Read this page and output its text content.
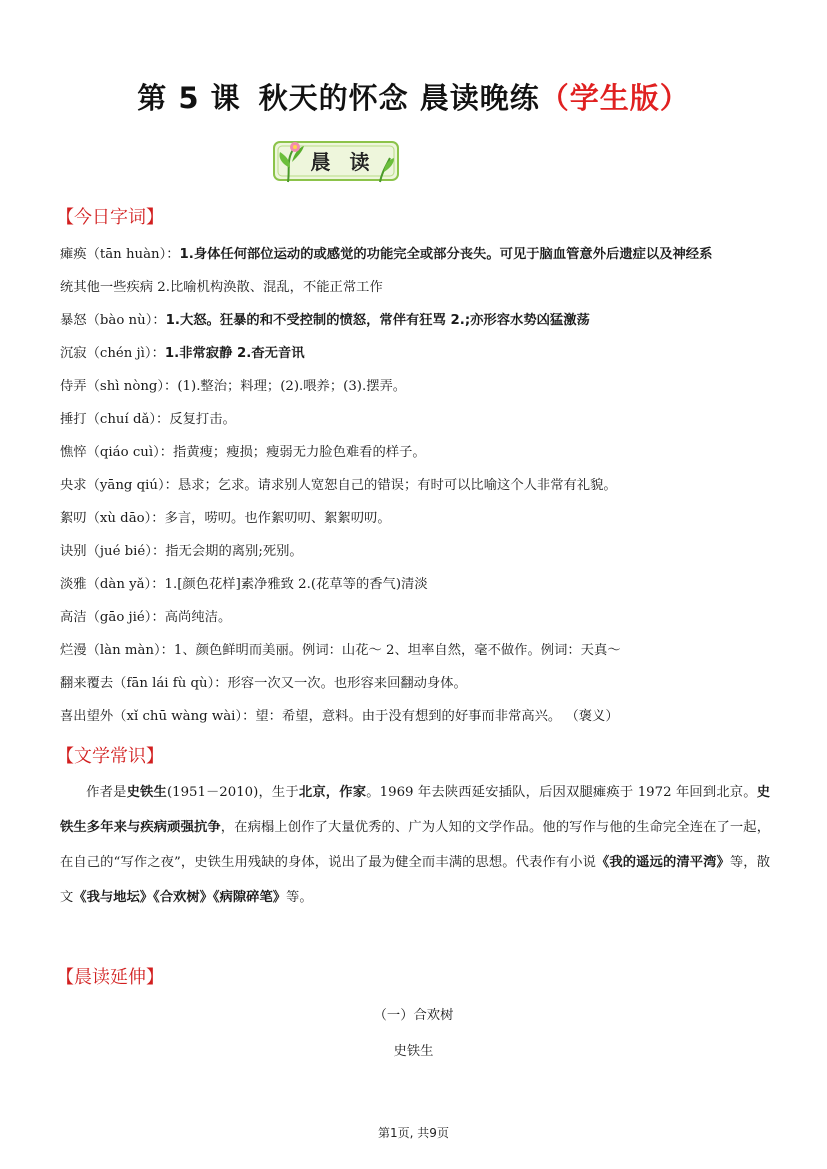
第 5 课 秋天的怀念 晨读晚练（学生版）
晨 读
【今日字词】
瘫痪（tān huàn）：1.身体任何部位运动的或感觉的功能完全或部分丧失。可见于脑血管意外后遗症以及神经系
统其他一些疾病 2.比喻机构涣散、混乱，不能正常工作
暴怒（bào nù）：1.大怒。狂暴的和不受控制的愤怒，常伴有狂骂 2.;亦形容水势凶猛激荡
沉寂（chén jì）：1.非常寂静 2.杳无音讯
侍弄（shì nòng）：(1).整治；料理；(2).喂养；(3).摆弄。
捶打（chuí dǎ）：反复打击。
憔悴（qiáo cuì）：指黄瘦；瘦损；瘦弱无力脸色难看的样子。
央求（yāng qiú）：恳求；乞求。请求别人宽恕自己的错误；有时可以比喻这个人非常有礼貌。
絮叨（xù dāo）：多言，唠叨。也作絮叨叨、絮絮叨叨。
诀别（jué bié）：指无会期的离别;死别。
淡雅（dàn yǎ）：1.[颜色花样]素净雅致 2.(花草等的香气)清淡
高洁（gāo jié）：高尚纯洁。
烂漫（làn màn）：1、颜色鲜明而美丽。例词：山花～ 2、坦率自然，毫不做作。例词：天真～
翻来覆去（fān lái fù qù）：形容一次又一次。也形容来回翻动身体。
喜出望外（xǐ chū wàng wài）：望：希望，意料。由于没有想到的好事而非常高兴。 （褒义）
【文学常识】
作者是史铁生(1951－2010)，生于北京，作家。1969 年去陕西延安插队，后因双腿瘫痪于 1972 年回到北京。史铁生多年来与疾病顽强抗争，在病榻上创作了大量优秀的、广为人知的文学作品。他的写作与他的生命完全连在了一起，在自己的“写作之夜”，史铁生用残缺的身体，说出了最为健全而丰满的思想。代表作有小说《我的遥远的清平湾》等，散文《我与地坛》《合欢树》《病隙碎笔》等。
【晨读延伸】
（一）合欢树
史铁生
第1页, 共9页
